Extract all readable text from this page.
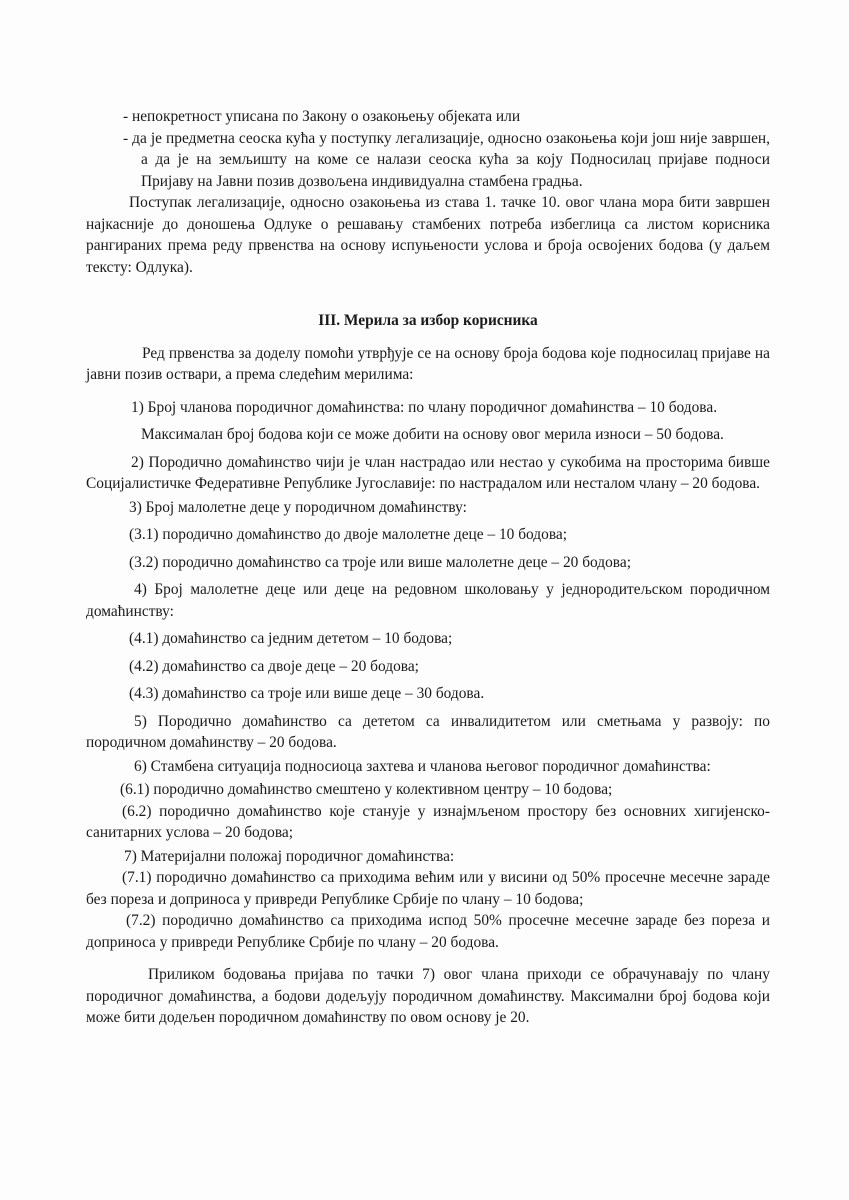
- непокретност уписана по Закону о озакоњењу објеката или

- да је предметна сеоска кућа у поступку легализације, односно озакоњења који још није завршен, а да је на земљишту на коме се налази сеоска кућа за коју Подносилац пријаве подноси Пријаву на Јавни позив дозвољена индивидуална стамбена градња.

Поступак легализације, односно озакоњења из става 1. тачке 10. овог члана мора бити завршен најкасније до доношења Одлуке о решавању стамбених потреба избеглица са листом корисника рангираних према реду првенства на основу испуњености услова и броја освојених бодова (у даљем тексту: Одлука).

III. Мерила за избор корисника

Ред првенства за доделу помоћи утврђује се на основу броја бодова које подносилац пријаве на јавни позив оствари, а према следећим мерилима:

1) Број чланова породичног домаћинства: по члану породичног домаћинства – 10 бодова.

Максималан број бодова који се може добити на основу овог мерила износи – 50 бодова.

2) Породично домаћинство чији је члан настрадао или нестао у сукобима на просторима бивше Социјалистичке Федеративне Републике Југославије: по настрадалом или несталом члану – 20 бодова.

3) Број малолетне деце у породичном домаћинству:

(3.1) породично домаћинство до двоје малолетне деце – 10 бодова;

(3.2) породично домаћинство са троје или више малолетне деце – 20 бодова;

4) Број малолетне деце или деце на редовном школовању у једнородитељском породичном домаћинству:

(4.1) домаћинство са једним дететом – 10 бодова;

(4.2) домаћинство са двоје деце – 20 бодова;

(4.3) домаћинство са троје или више деце – 30 бодова.

5) Породично домаћинство са дететом са инвалидитетом или сметњама у развоју: по породичном домаћинству – 20 бодова.

6) Стамбена ситуација подносиоца захтева и чланова његовог породичног домаћинства:

(6.1) породично домаћинство смештено у колективном центру – 10 бодова;

(6.2) породично домаћинство које станује у изнајмљеном простору без основних хигијенско-санитарних услова – 20 бодова;

7) Материјални положај породичног домаћинства:

(7.1) породично домаћинство са приходима већим или у висини од 50% просечне месечне зараде без пореза и доприноса у привреди Републике Србије по члану – 10 бодова;

(7.2) породично домаћинство са приходима испод 50% просечне месечне зараде без пореза и доприноса у привреди Републике Србије по члану – 20 бодова.

Приликом бодовања пријава по тачки 7) овог члана приходи се обрачунавају по члану породичног домаћинства, а бодови додељују породичном домаћинству. Максимални број бодова који може бити додељен породичном домаћинству по овом основу је 20.
